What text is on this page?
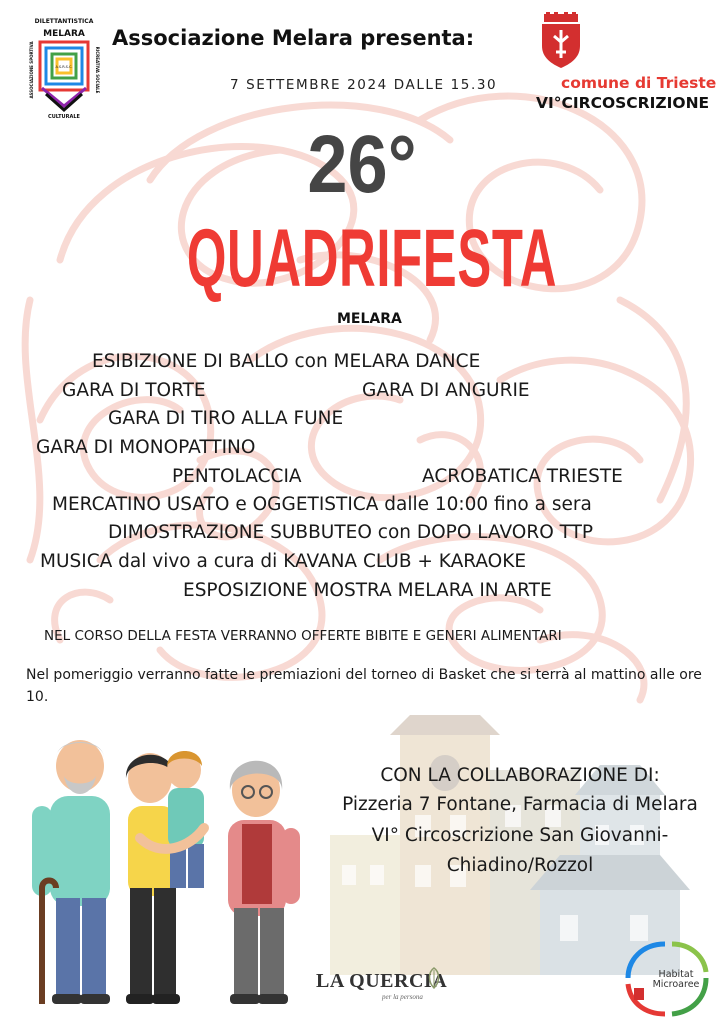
DILETTANTISTICA
MELARA
CULTURALE
A.S.R.S.C.
ASSOCIAZIONE SPORTIVA	RICREATIVA SOCIALE
Associazione Melara presenta:
7 SETTEMBRE 2024 DALLE 15.30	comune di Trieste
VI°CIRCOSCRIZIONE
26°
QUADRIFESTA
MELARA
ESIBIZIONE DI BALLO con MELARA DANCE
GARA DI TORTE	GARA DI ANGURIE
GARA DI TIRO ALLA FUNE
GARA DI MONOPATTINO
PENTOLACCIA	ACROBATICA TRIESTE
MERCATINO USATO e OGGETISTICA dalle 10:00 fino a sera
DIMOSTRAZIONE SUBBUTEO con DOPO LAVORO TTP
MUSICA dal vivo a cura di KAVANA CLUB + KARAOKE
ESPOSIZIONE MOSTRA MELARA IN ARTE
NEL CORSO DELLA FESTA VERRANNO OFFERTE BIBITE E GENERI ALIMENTARI
Nel pomeriggio verranno fatte le premiazioni del torneo di Basket che si terrà al mattino alle ore 10.
CON LA COLLABORAZIONE DI:
Pizzeria 7 Fontane, Farmacia di Melara
VI° Circoscrizione San Giovanni-
Chiadino/Rozzol
LA QUERCIA
per la persona
Habitat
Microaree
